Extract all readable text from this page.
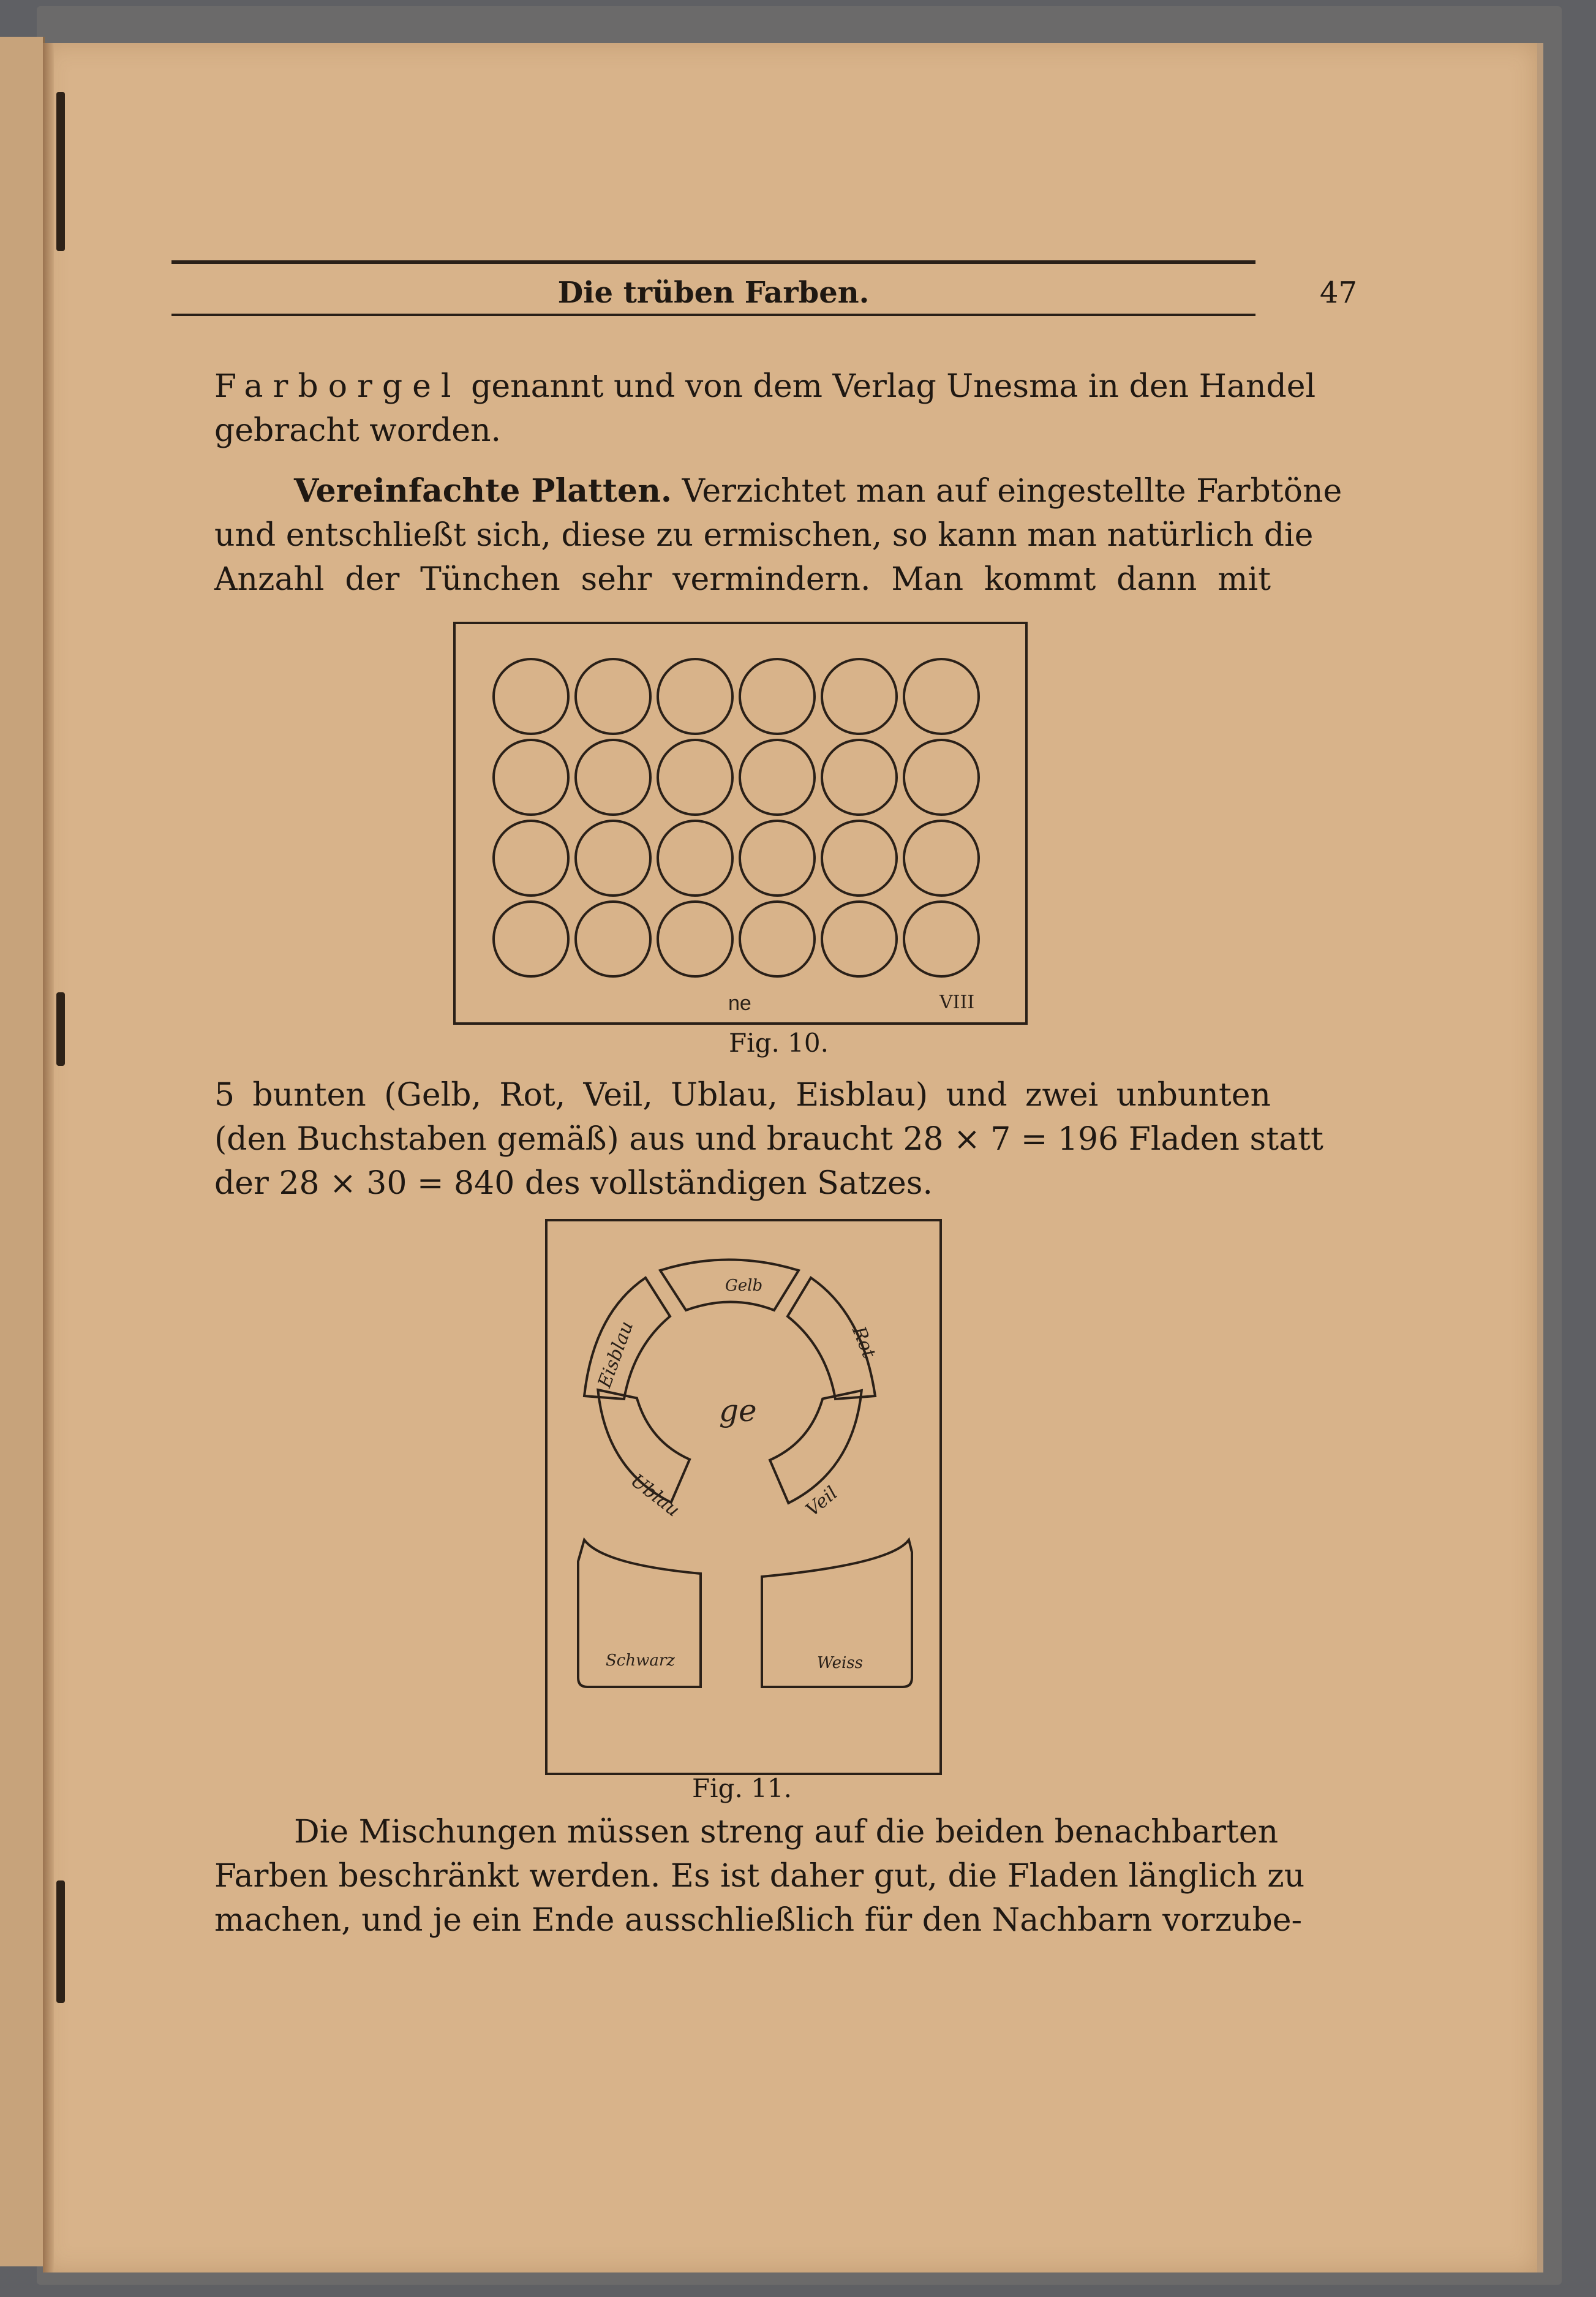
Die trüben Farben.	47
Farborgel genannt und von dem Verlag Unesma in den Handel
gebracht worden.
Vereinfachte Platten. Verzichtet man auf eingestellte Farbtöne
und entschließt sich, diese zu ermischen, so kann man natürlich die
Anzahl der Tünchen sehr vermindern. Man kommt dann mit
ne	VIII
Fig. 10.
5 bunten (Gelb, Rot, Veil, Ublau, Eisblau) und zwei unbunten
(den Buchstaben gemäß) aus und braucht 28 × 7 = 196 Fladen statt
der 28 × 30 = 840 des vollständigen Satzes.
Gelb
Rot
Eisblau
Ublau	Veil
ge
Schwarz	Weiss
Fig. 11.
Die Mischungen müssen streng auf die beiden benachbarten
Farben beschränkt werden. Es ist daher gut, die Fladen länglich zu
machen, und je ein Ende ausschließlich für den Nachbarn vorzube-
